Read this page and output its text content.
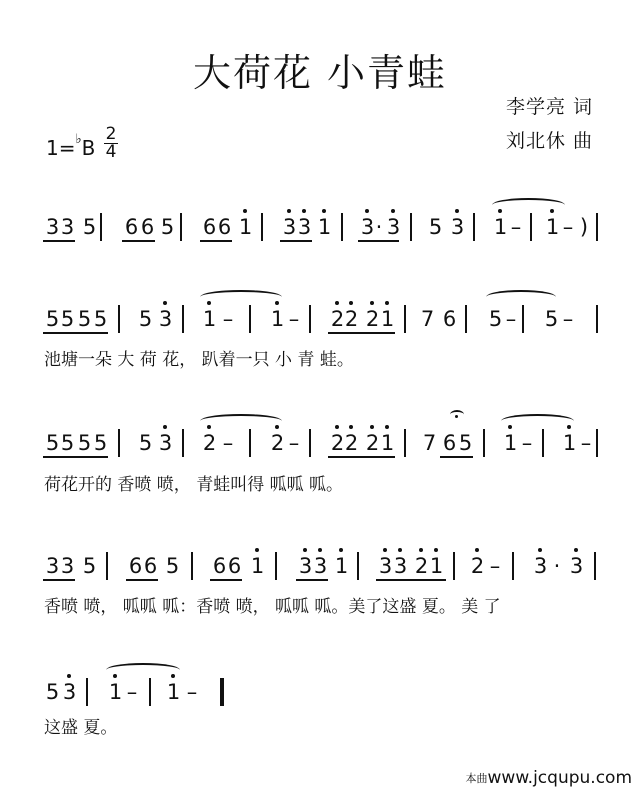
大荷花 小青蛙
李学亮 词
刘北休 曲
1=♭B
2
4
3 3 5 6 6 5 6 6 1 3 3 1 3 · 3 5 3 1 – 1 – )
5 5 5 5 5 3 1 – 1 – 2 2 2 1 7 6 5 – 5 –
池塘一朵 大 荷 花， 趴着一只 小 青 蛙。
5 5 5 5 5 3 2 – 2 – 2 2 2 1 7 6 5 1 – 1 –
荷花开的 香喷 喷， 青蛙叫得 呱呱 呱。
3 3 5 6 6 5 6 6 1 3 3 1 3 3 2 1 2 – 3 · 3
香喷 喷， 呱呱 呱：香喷 喷， 呱呱 呱。美了这盛 夏。 美 了
5 3 1 – 1 –
这盛 夏。
本曲www.jcqupu.com
